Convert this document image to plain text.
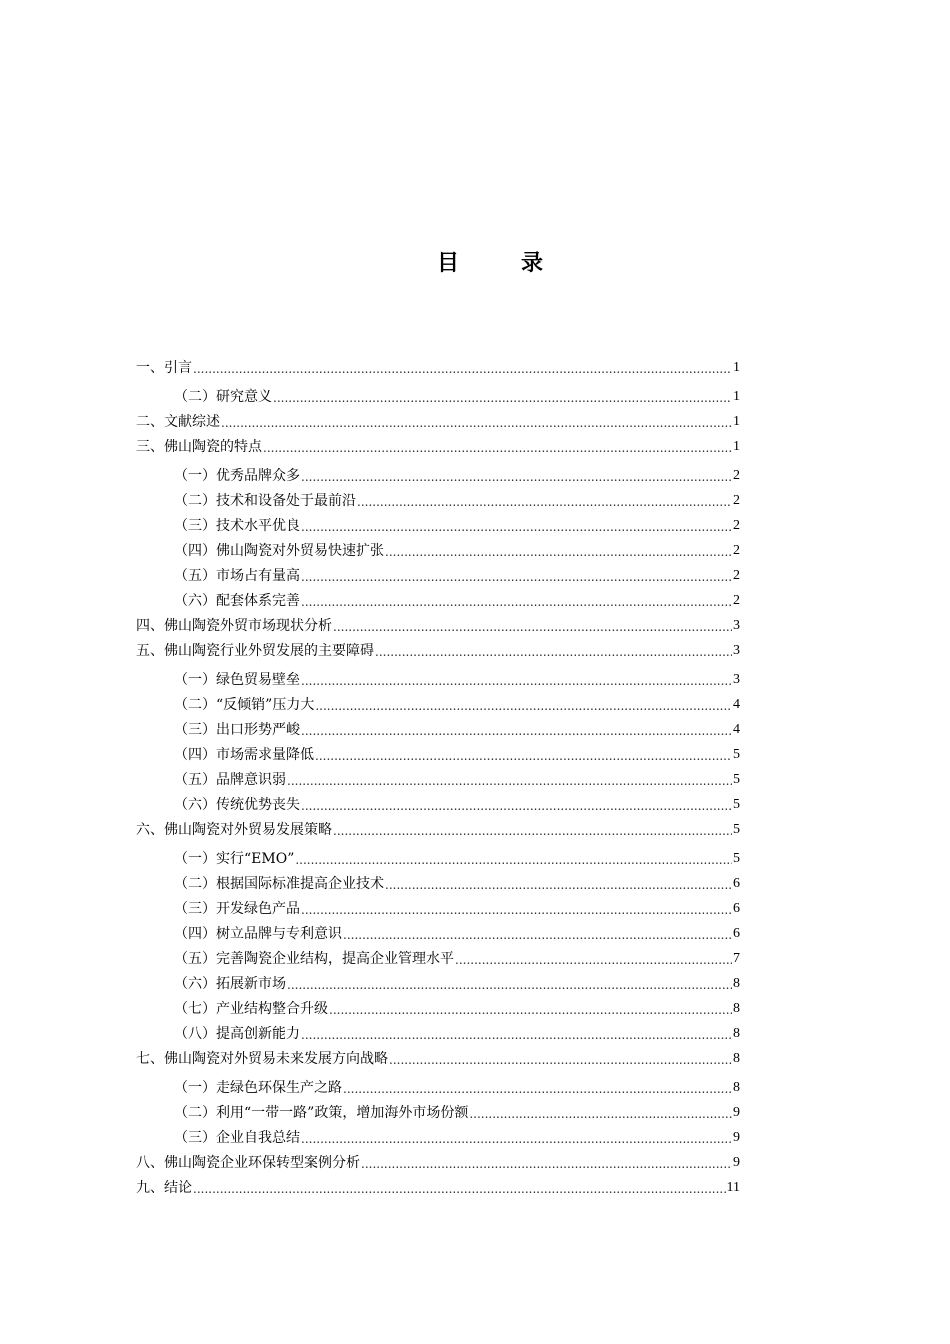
目　录
一、引言 .....	1
（二）研究意义 .....	1
二、文献综述 .....	1
三、佛山陶瓷的特点 .....	1
（一）优秀品牌众多 .....	2
（二）技术和设备处于最前沿 .....	2
（三）技术水平优良 .....	2
（四）佛山陶瓷对外贸易快速扩张 .....	2
（五）市场占有量高 .....	2
（六）配套体系完善 .....	2
四、佛山陶瓷外贸市场现状分析 .....	3
五、佛山陶瓷行业外贸发展的主要障碍 .....	3
（一）绿色贸易壁垒 .....	3
（二）“反倾销”压力大 .....	4
（三）出口形势严峻 .....	4
（四）市场需求量降低 .....	5
（五）品牌意识弱 .....	5
（六）传统优势丧失 .....	5
六、佛山陶瓷对外贸易发展策略 .....	5
（一）实行“EMO” .....	5
（二）根据国际标准提高企业技术 .....	6
（三）开发绿色产品 .....	6
（四）树立品牌与专利意识 .....	6
（五）完善陶瓷企业结构，提高企业管理水平 .....	7
（六）拓展新市场 .....	8
（七）产业结构整合升级 .....	8
（八）提高创新能力 .....	8
七、佛山陶瓷对外贸易未来发展方向战略 .....	8
（一）走绿色环保生产之路 .....	8
（二）利用“一带一路”政策，增加海外市场份额 .....	9
（三）企业自我总结 .....	9
八、佛山陶瓷企业环保转型案例分析 .....	9
九、结论 .....	11
